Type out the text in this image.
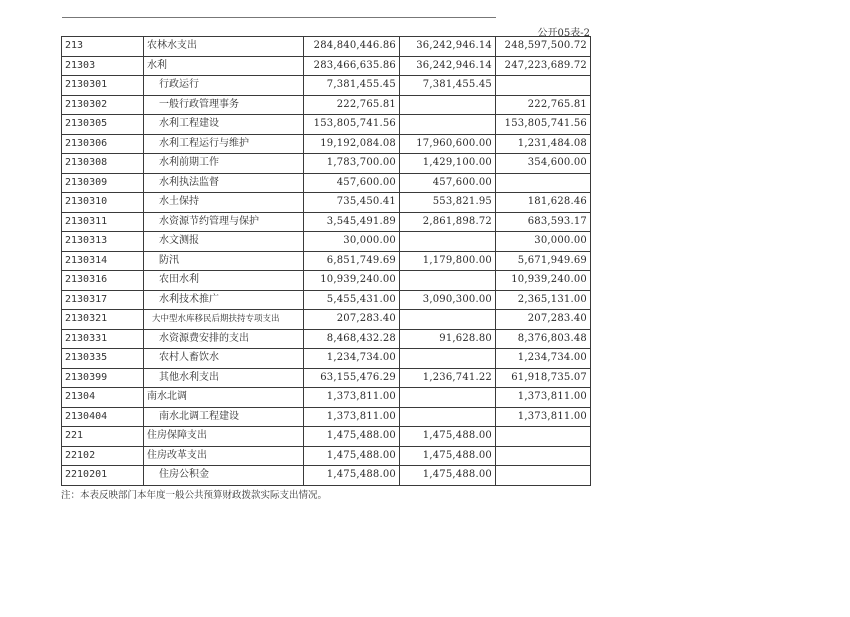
公开05表-2
213	农林水支出	284,840,446.86	36,242,946.14	248,597,500.72
21303	水利	283,466,635.86	36,242,946.14	247,223,689.72
2130301	行政运行	7,381,455.45	7,381,455.45	
2130302	一般行政管理事务	222,765.81		222,765.81
2130305	水利工程建设	153,805,741.56		153,805,741.56
2130306	水利工程运行与维护	19,192,084.08	17,960,600.00	1,231,484.08
2130308	水利前期工作	1,783,700.00	1,429,100.00	354,600.00
2130309	水利执法监督	457,600.00	457,600.00	
2130310	水土保持	735,450.41	553,821.95	181,628.46
2130311	水资源节约管理与保护	3,545,491.89	2,861,898.72	683,593.17
2130313	水文测报	30,000.00		30,000.00
2130314	防汛	6,851,749.69	1,179,800.00	5,671,949.69
2130316	农田水利	10,939,240.00		10,939,240.00
2130317	水利技术推广	5,455,431.00	3,090,300.00	2,365,131.00
2130321	大中型水库移民后期扶持专项支出	207,283.40		207,283.40
2130331	水资源费安排的支出	8,468,432.28	91,628.80	8,376,803.48
2130335	农村人畜饮水	1,234,734.00		1,234,734.00
2130399	其他水利支出	63,155,476.29	1,236,741.22	61,918,735.07
21304	南水北调	1,373,811.00		1,373,811.00
2130404	南水北调工程建设	1,373,811.00		1,373,811.00
221	住房保障支出	1,475,488.00	1,475,488.00	
22102	住房改革支出	1,475,488.00	1,475,488.00	
2210201	住房公积金	1,475,488.00	1,475,488.00	
注：本表反映部门本年度一般公共预算财政拨款实际支出情况。
